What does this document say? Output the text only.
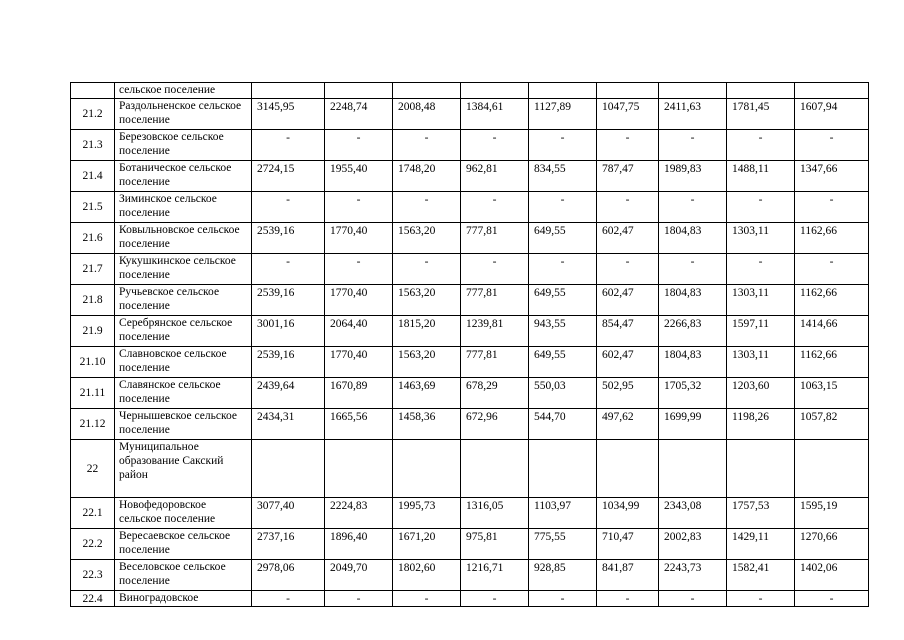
	сельское поселение									
21.2	Раздольненское сельское поселение	3145,95	2248,74	2008,48	1384,61	1127,89	1047,75	2411,63	1781,45	1607,94
21.3	Березовское сельское поселение	-	-	-	-	-	-	-	-	-
21.4	Ботаническое сельское поселение	2724,15	1955,40	1748,20	962,81	834,55	787,47	1989,83	1488,11	1347,66
21.5	Зиминское сельское поселение	-	-	-	-	-	-	-	-	-
21.6	Ковыльновское сельское поселение	2539,16	1770,40	1563,20	777,81	649,55	602,47	1804,83	1303,11	1162,66
21.7	Кукушкинское сельское поселение	-	-	-	-	-	-	-	-	-
21.8	Ручьевское сельское поселение	2539,16	1770,40	1563,20	777,81	649,55	602,47	1804,83	1303,11	1162,66
21.9	Серебрянское сельское поселение	3001,16	2064,40	1815,20	1239,81	943,55	854,47	2266,83	1597,11	1414,66
21.10	Славновское сельское поселение	2539,16	1770,40	1563,20	777,81	649,55	602,47	1804,83	1303,11	1162,66
21.11	Славянское сельское поселение	2439,64	1670,89	1463,69	678,29	550,03	502,95	1705,32	1203,60	1063,15
21.12	Чернышевское сельское поселение	2434,31	1665,56	1458,36	672,96	544,70	497,62	1699,99	1198,26	1057,82
22	Муниципальное образование Сакский район									
22.1	Новофедоровское сельское поселение	3077,40	2224,83	1995,73	1316,05	1103,97	1034,99	2343,08	1757,53	1595,19
22.2	Вересаевское сельское поселение	2737,16	1896,40	1671,20	975,81	775,55	710,47	2002,83	1429,11	1270,66
22.3	Веселовское сельское поселение	2978,06	2049,70	1802,60	1216,71	928,85	841,87	2243,73	1582,41	1402,06
22.4	Виноградовское	-	-	-	-	-	-	-	-	-
